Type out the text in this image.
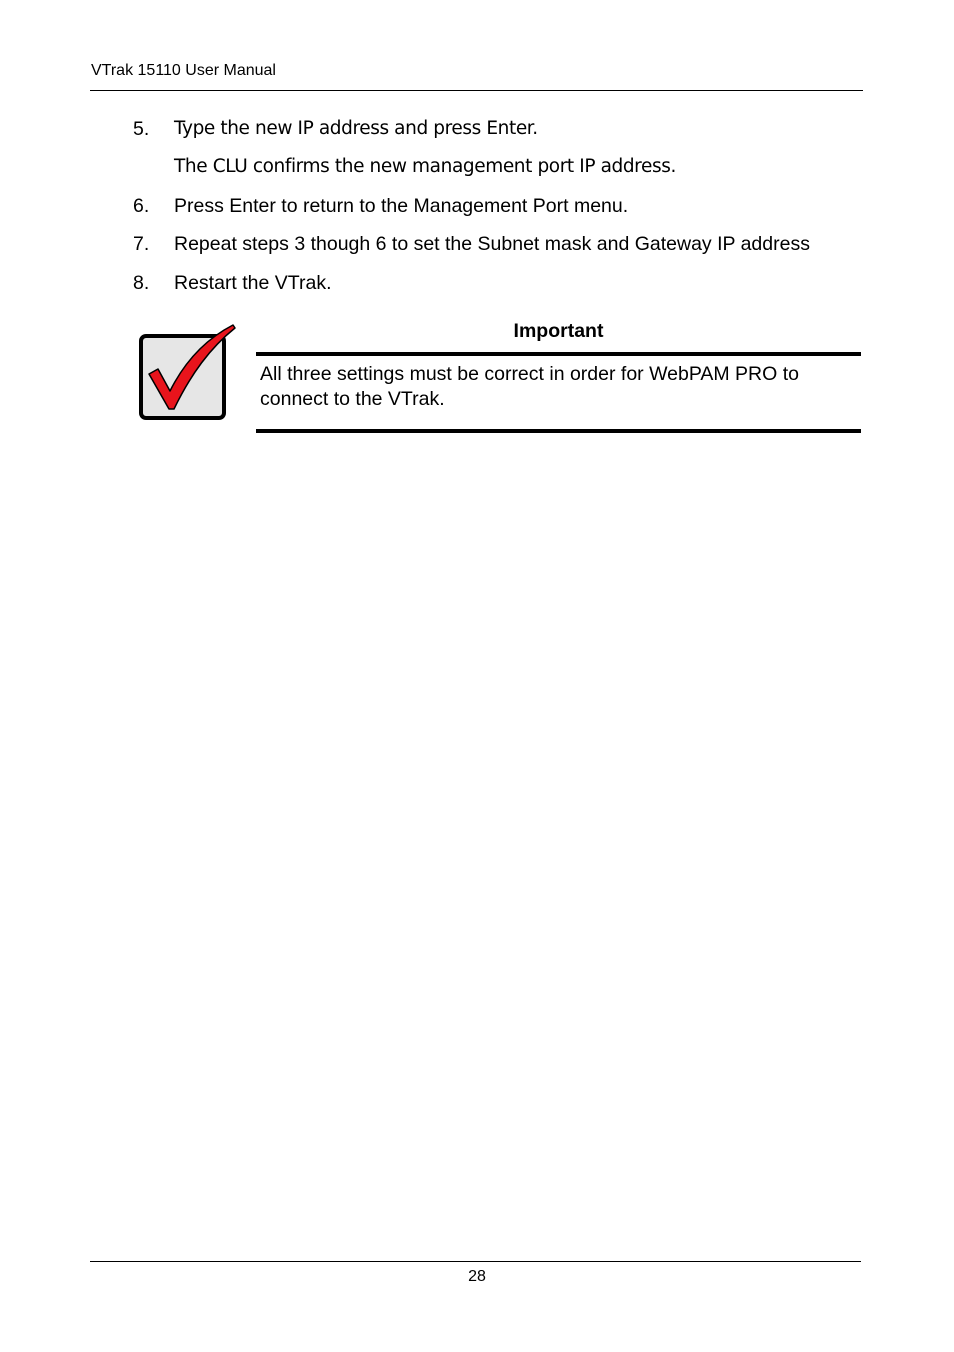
VTrak 15110 User Manual
5. Type the new IP address and press Enter.
The CLU confirms the new management port IP address.
6. Press Enter to return to the Management Port menu.
7. Repeat steps 3 though 6 to set the Subnet mask and Gateway IP address
8. Restart the VTrak.
Important
All three settings must be correct in order for WebPAM PRO to connect to the VTrak.
28
